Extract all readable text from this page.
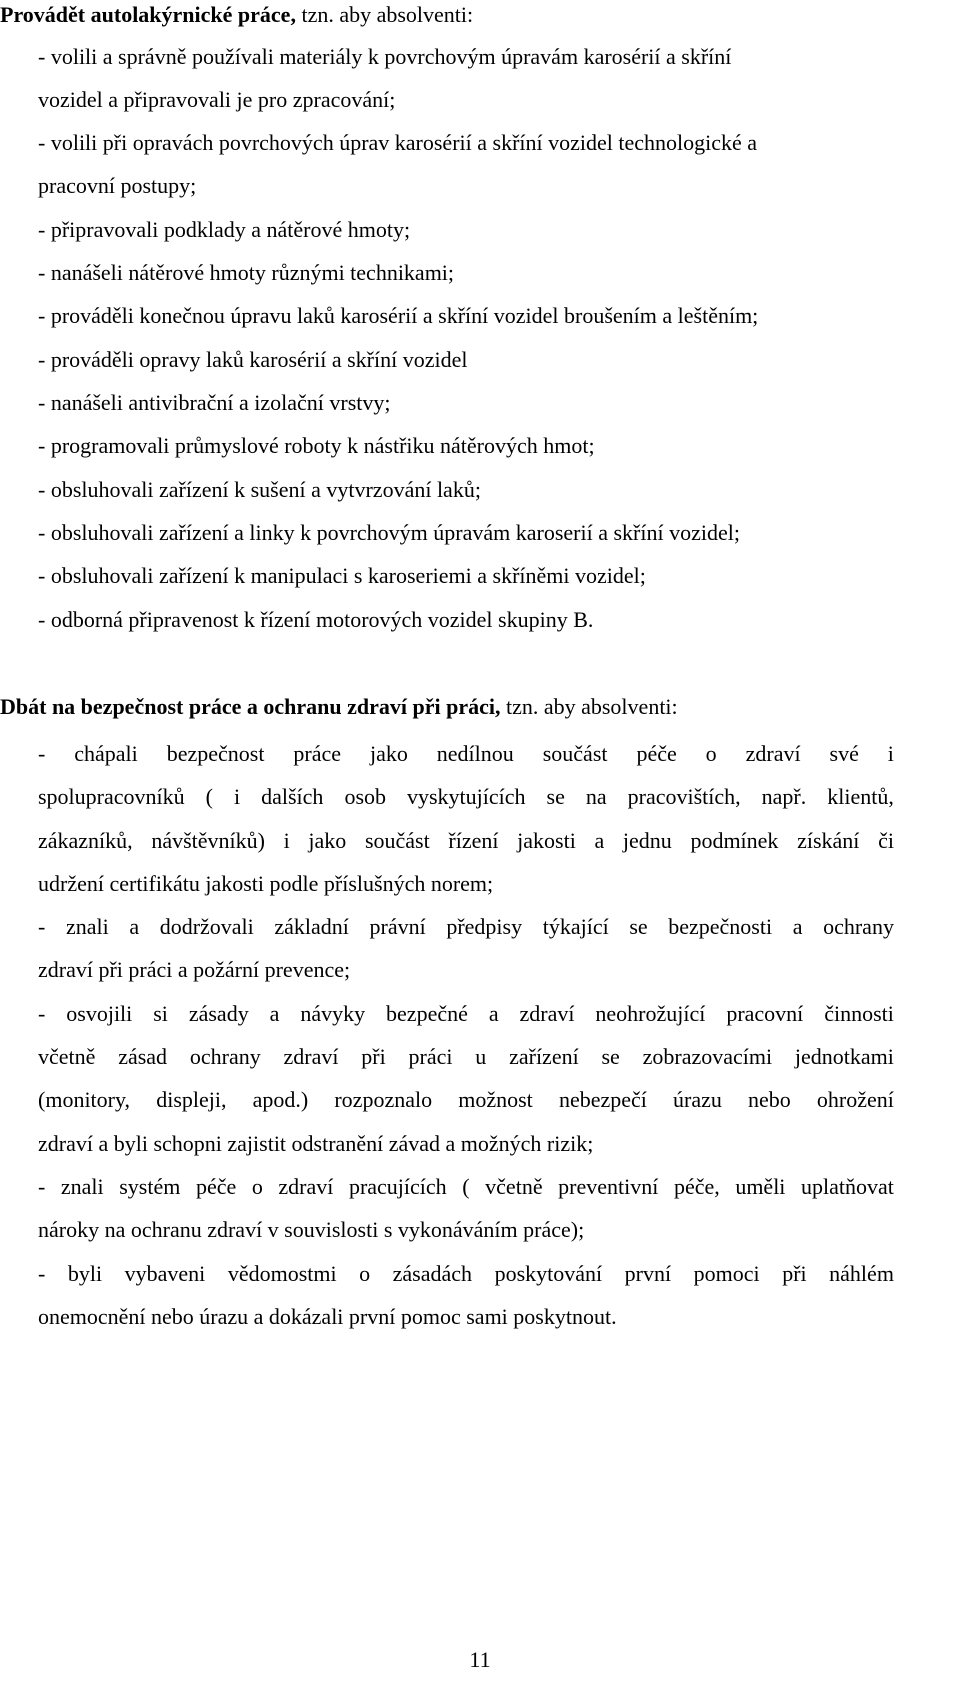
Provádět autolakýrnické práce, tzn. aby absolventi:
- volili a správně používali materiály k povrchovým úpravám karosérií a skříní
vozidel a připravovali je pro zpracování;
- volili při opravách povrchových úprav karosérií a skříní vozidel technologické a
pracovní postupy;
- připravovali podklady a nátěrové hmoty;
- nanášeli nátěrové hmoty různými technikami;
- prováděli konečnou úpravu laků karosérií a skříní vozidel broušením a leštěním;
- prováděli opravy laků karosérií a skříní vozidel
- nanášeli antivibrační a izolační vrstvy;
- programovali průmyslové roboty k nástřiku nátěrových hmot;
- obsluhovali zařízení k sušení a vytvrzování laků;
- obsluhovali zařízení a linky k povrchovým úpravám karoserií a skříní vozidel;
- obsluhovali zařízení k manipulaci s karoseriemi a skříněmi vozidel;
- odborná připravenost k řízení motorových vozidel skupiny B.
Dbát na bezpečnost práce a ochranu zdraví při práci, tzn. aby absolventi:
- chápali bezpečnost práce jako nedílnou součást péče o zdraví své i
spolupracovníků ( i dalších osob vyskytujících se na pracovištích, např. klientů,
zákazníků, návštěvníků) i jako součást řízení jakosti a jednu podmínek získání či
udržení certifikátu jakosti podle příslušných norem;
- znali a dodržovali základní právní předpisy týkající se bezpečnosti a ochrany
zdraví při práci a požární prevence;
- osvojili si zásady a návyky bezpečné a zdraví neohrožující pracovní činnosti
včetně zásad ochrany zdraví při práci u zařízení se zobrazovacími jednotkami
(monitory, displeji, apod.) rozpoznalo možnost nebezpečí úrazu nebo ohrožení
zdraví a byli schopni zajistit odstranění závad a možných rizik;
- znali systém péče o zdraví pracujících ( včetně preventivní péče, uměli uplatňovat
nároky na ochranu zdraví v souvislosti s vykonáváním práce);
- byli vybaveni vědomostmi o zásadách poskytování první pomoci při náhlém
onemocnění nebo úrazu a dokázali první pomoc sami poskytnout.
11
